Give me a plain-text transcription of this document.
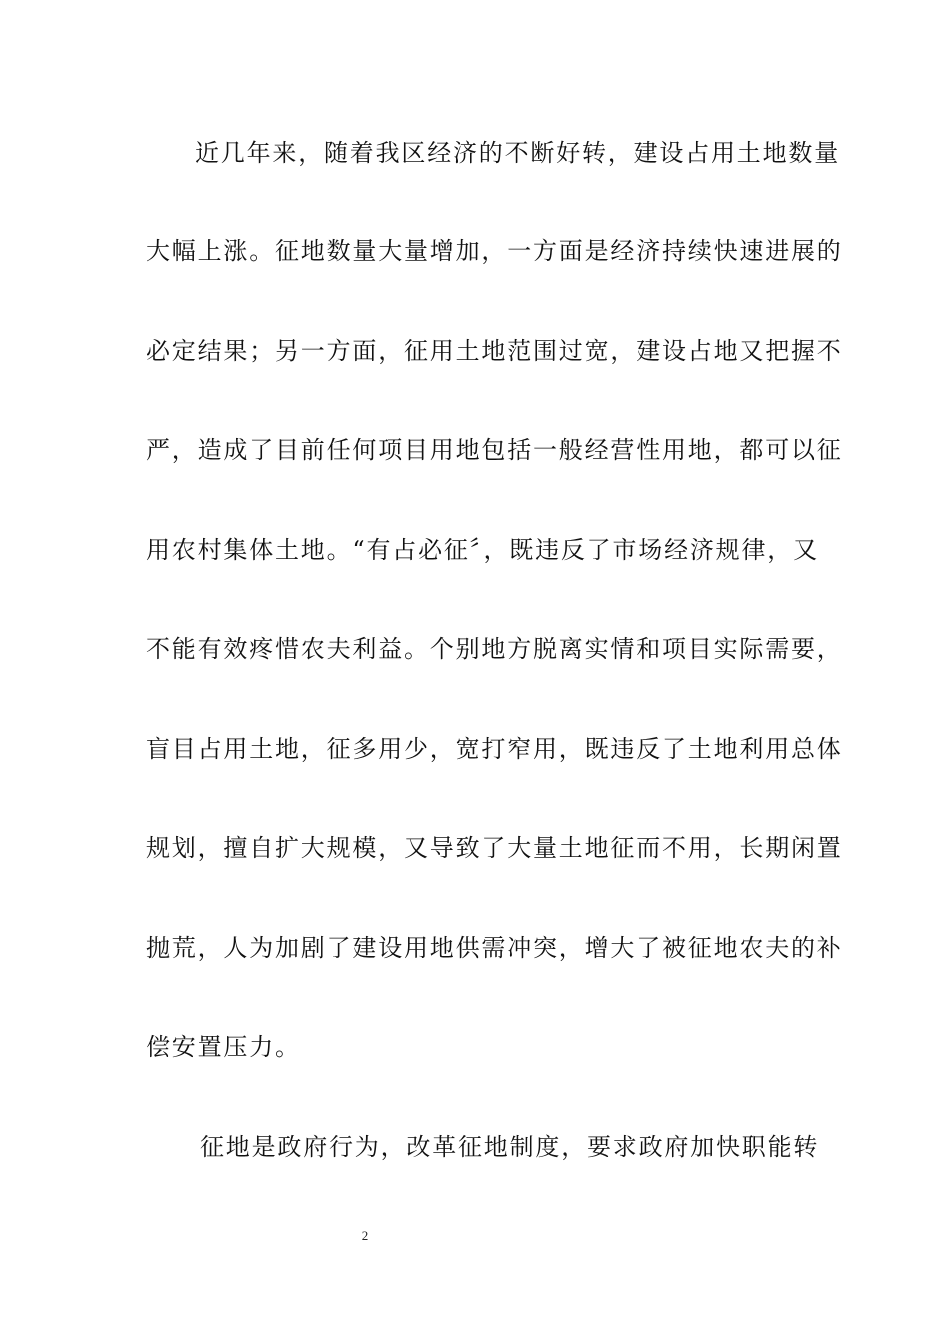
近几年来，随着我区经济的不断好转，建设占用土地数量
大幅上涨。征地数量大量增加，一方面是经济持续快速进展的
必定结果；另一方面，征用土地范围过宽，建设占地又把握不
严，造成了目前任何项目用地包括一般经营性用地，都可以征
用农村集体土地。“有占必征〞，既违反了市场经济规律，又
不能有效疼惜农夫利益。个别地方脱离实情和项目实际需要，
盲目占用土地，征多用少，宽打窄用，既违反了土地利用总体
规划，擅自扩大规模，又导致了大量土地征而不用，长期闲置
抛荒，人为加剧了建设用地供需冲突，增大了被征地农夫的补
偿安置压力。
征地是政府行为，改革征地制度，要求政府加快职能转
2
